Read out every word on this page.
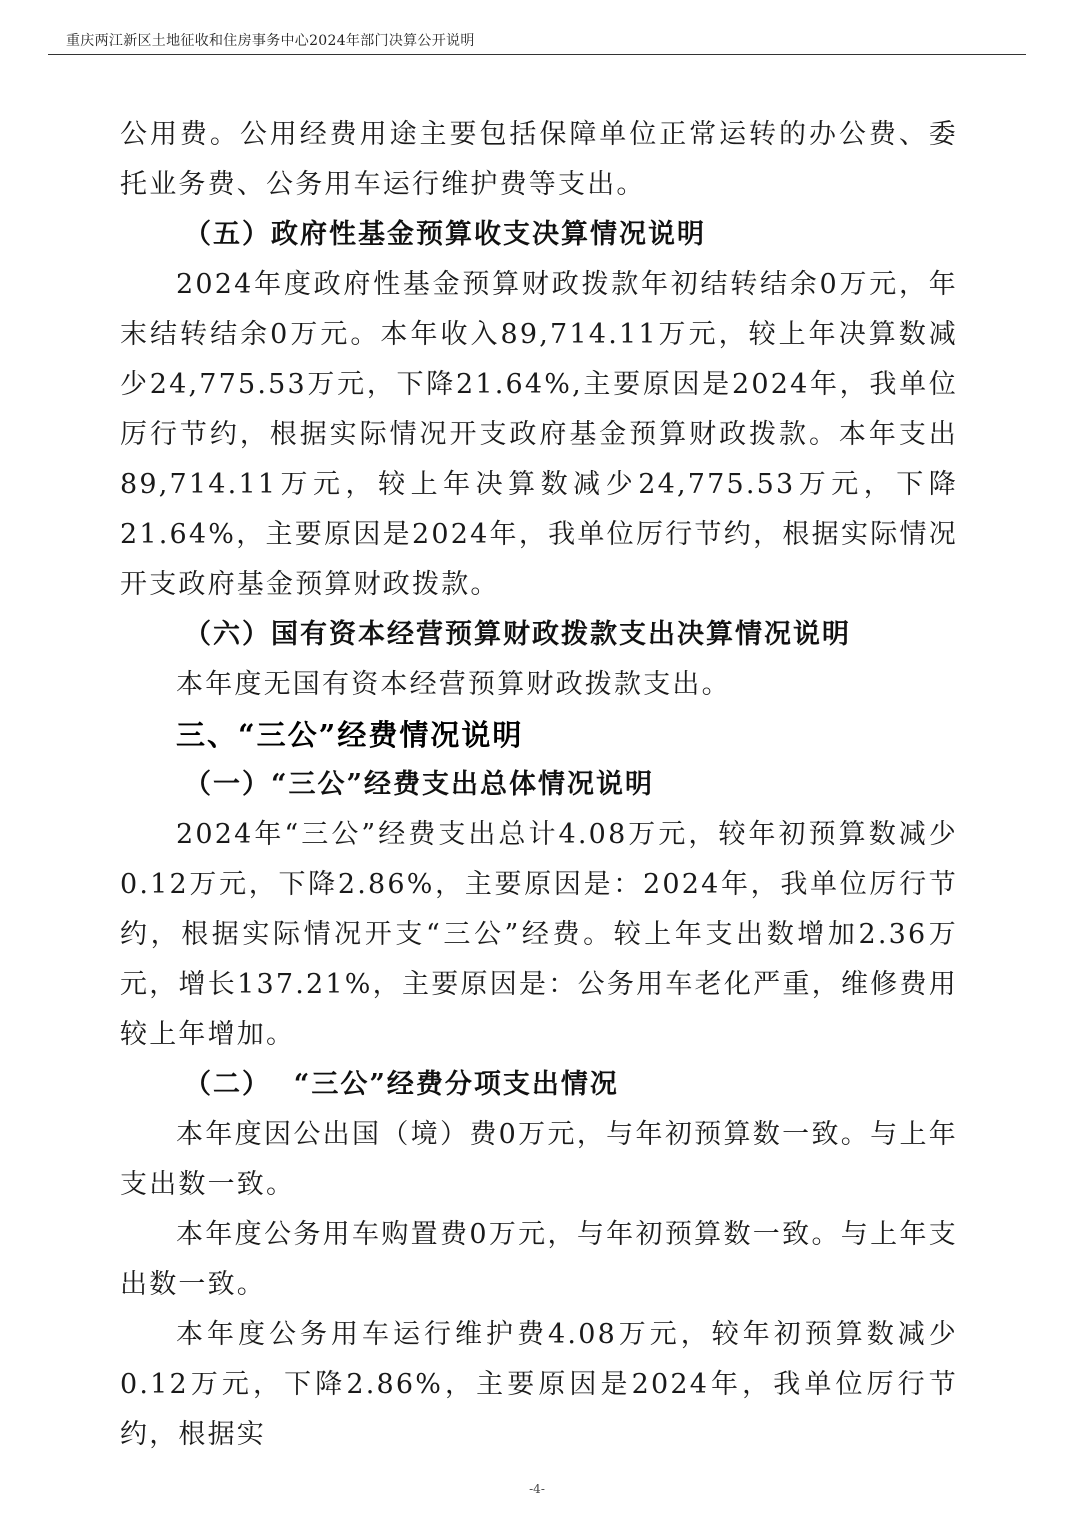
重庆两江新区土地征收和住房事务中心2024年部门决算公开说明

公用费。公用经费用途主要包括保障单位正常运转的办公费、委托业务费、公务用车运行维护费等支出。

（五）政府性基金预算收支决算情况说明

2024年度政府性基金预算财政拨款年初结转结余0万元，年末结转结余0万元。本年收入89,714.11万元，较上年决算数减少24,775.53万元，下降21.64%,主要原因是2024年，我单位厉行节约，根据实际情况开支政府基金预算财政拨款。本年支出89,714.11万元，较上年决算数减少24,775.53万元，下降21.64%，主要原因是2024年，我单位厉行节约，根据实际情况开支政府基金预算财政拨款。

（六）国有资本经营预算财政拨款支出决算情况说明

本年度无国有资本经营预算财政拨款支出。

三、“三公”经费情况说明

（一）“三公”经费支出总体情况说明

2024年“三公”经费支出总计4.08万元，较年初预算数减少0.12万元，下降2.86%，主要原因是：2024年，我单位厉行节约，根据实际情况开支“三公”经费。较上年支出数增加2.36万元，增长137.21%，主要原因是：公务用车老化严重，维修费用较上年增加。

（二）  “三公”经费分项支出情况

本年度因公出国（境）费0万元，与年初预算数一致。与上年支出数一致。

本年度公务用车购置费0万元，与年初预算数一致。与上年支出数一致。

本年度公务用车运行维护费4.08万元，较年初预算数减少0.12万元，下降2.86%，主要原因是2024年，我单位厉行节约，根据实

-4-
